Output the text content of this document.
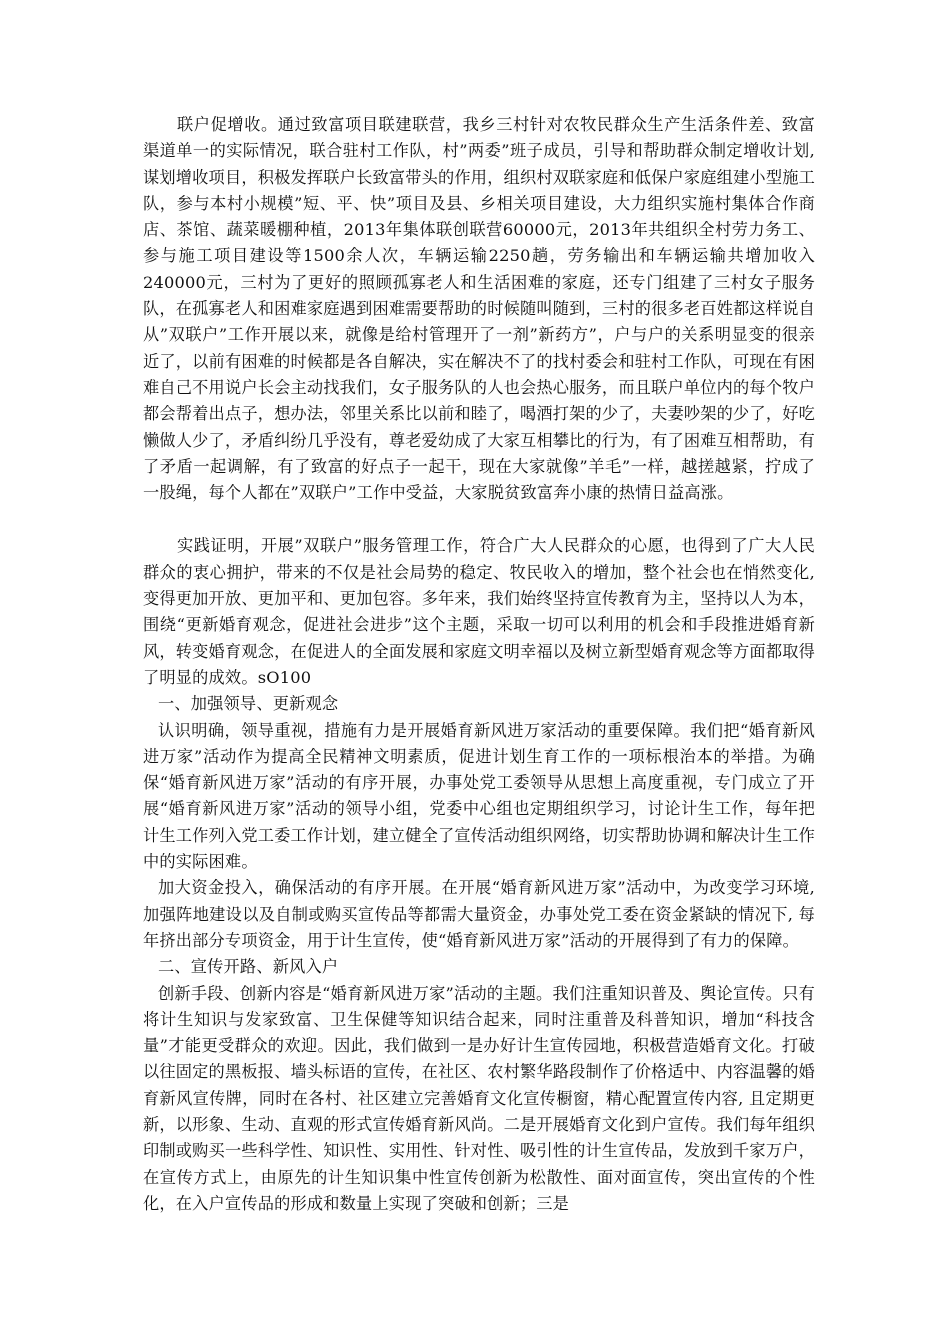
联户促增收。通过致富项目联建联营，我乡三村针对农牧民群众生产生活条件差、致富渠道单一的实际情况，联合驻村工作队，村”两委”班子成员，引导和帮助群众制定增收计划, 谋划增收项目，积极发挥联户长致富带头的作用，组织村双联家庭和低保户家庭组建小型施工队，参与本村小规模”短、平、快”项目及县、乡相关项目建设，大力组织实施村集体合作商店、茶馆、蔬菜暖棚种植，2013年集体联创联营60000元，2013年共组织全村劳力务工、参与施工项目建设等1500余人次，车辆运输2250趟，劳务输出和车辆运输共增加收入240000元，三村为了更好的照顾孤寡老人和生活困难的家庭，还专门组建了三村女子服务队，在孤寡老人和困难家庭遇到困难需要帮助的时候随叫随到，三村的很多老百姓都这样说自从”双联户”工作开展以来，就像是给村管理开了一剂”新药方”，户与户的关系明显变的很亲近了，以前有困难的时候都是各自解决，实在解决不了的找村委会和驻村工作队，可现在有困难自己不用说户长会主动找我们，女子服务队的人也会热心服务，而且联户单位内的每个牧户都会帮着出点子，想办法，邻里关系比以前和睦了，喝酒打架的少了，夫妻吵架的少了，好吃懒做人少了，矛盾纠纷几乎没有，尊老爱幼成了大家互相攀比的行为，有了困难互相帮助，有了矛盾一起调解，有了致富的好点子一起干，现在大家就像”羊毛”一样，越搓越紧，拧成了一股绳，每个人都在”双联户”工作中受益，大家脱贫致富奔小康的热情日益高涨。

实践证明，开展”双联户”服务管理工作，符合广大人民群众的心愿，也得到了广大人民群众的衷心拥护，带来的不仅是社会局势的稳定、牧民收入的增加，整个社会也在悄然变化, 变得更加开放、更加平和、更加包容。多年来，我们始终坚持宣传教育为主，坚持以人为本，围绕“更新婚育观念，促进社会进步”这个主题，采取一切可以利用的机会和手段推进婚育新风，转变婚育观念，在促进人的全面发展和家庭文明幸福以及树立新型婚育观念等方面都取得了明显的成效。sO100

一、加强领导、更新观念

认识明确，领导重视，措施有力是开展婚育新风进万家活动的重要保障。我们把“婚育新风进万家”活动作为提高全民精神文明素质，促进计划生育工作的一项标根治本的举措。为确保“婚育新风进万家”活动的有序开展，办事处党工委领导从思想上高度重视，专门成立了开展“婚育新风进万家”活动的领导小组，党委中心组也定期组织学习，讨论计生工作，每年把计生工作列入党工委工作计划，建立健全了宣传活动组织网络，切实帮助协调和解决计生工作中的实际困难。

加大资金投入，确保活动的有序开展。在开展“婚育新风进万家”活动中，为改变学习环境, 加强阵地建设以及自制或购买宣传品等都需大量资金，办事处党工委在资金紧缺的情况下, 每年挤出部分专项资金，用于计生宣传，使“婚育新风进万家”活动的开展得到了有力的保障。

二、宣传开路、新风入户

创新手段、创新内容是“婚育新风进万家”活动的主题。我们注重知识普及、舆论宣传。只有将计生知识与发家致富、卫生保健等知识结合起来，同时注重普及科普知识，增加“科技含量”才能更受群众的欢迎。因此，我们做到一是办好计生宣传园地，积极营造婚育文化。打破以往固定的黑板报、墙头标语的宣传，在社区、农村繁华路段制作了价格适中、内容温馨的婚育新风宣传牌，同时在各村、社区建立完善婚育文化宣传橱窗，精心配置宣传内容, 且定期更新，以形象、生动、直观的形式宣传婚育新风尚。二是开展婚育文化到户宣传。我们每年组织印制或购买一些科学性、知识性、实用性、针对性、吸引性的计生宣传品，发放到千家万户，在宣传方式上，由原先的计生知识集中性宣传创新为松散性、面对面宣传，突出宣传的个性化，在入户宣传品的形成和数量上实现了突破和创新；三是
